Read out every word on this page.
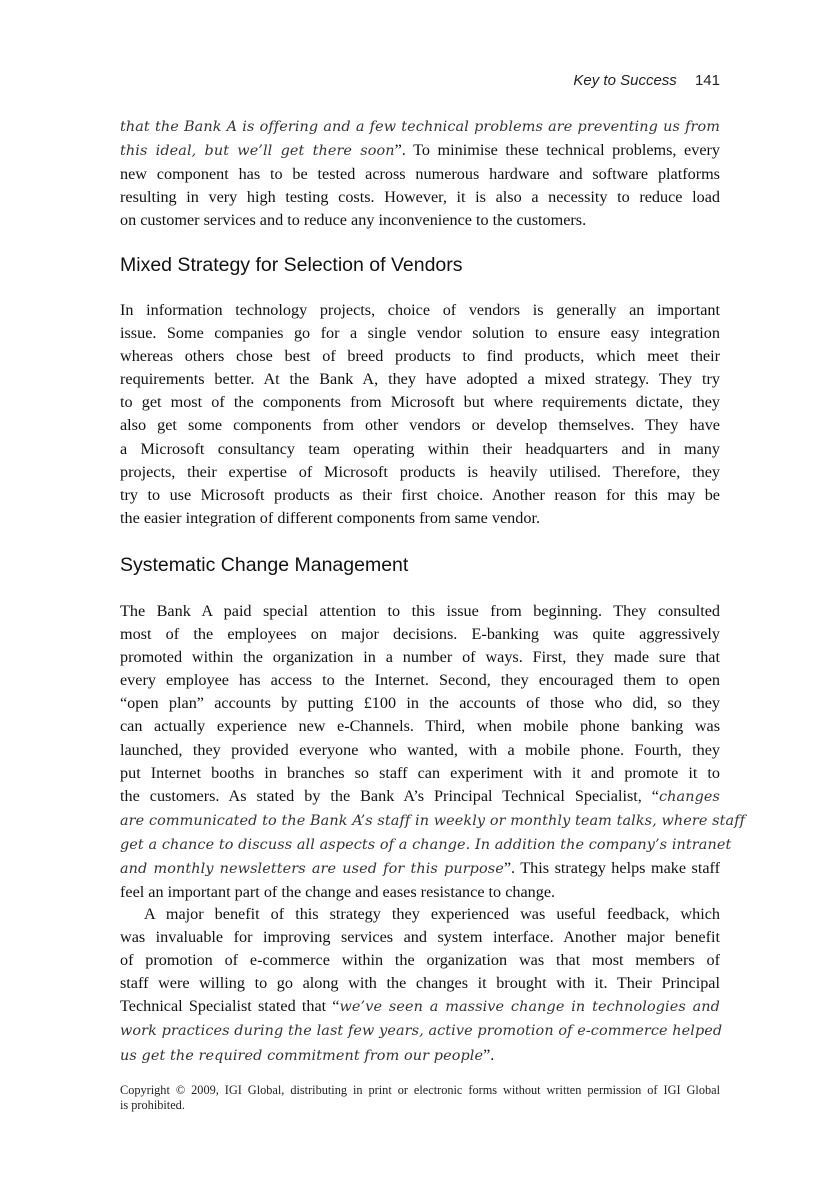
Key to Success 141
that the Bank A is offering and a few technical problems are preventing us from
this ideal, but we’ll get there soon”. To minimise these technical problems, every
new component has to be tested across numerous hardware and software platforms
resulting in very high testing costs. However, it is also a necessity to reduce load
on customer services and to reduce any inconvenience to the customers.
Mixed Strategy for Selection of Vendors
In information technology projects, choice of vendors is generally an important
issue. Some companies go for a single vendor solution to ensure easy integration
whereas others chose best of breed products to find products, which meet their
requirements better. At the Bank A, they have adopted a mixed strategy. They try
to get most of the components from Microsoft but where requirements dictate, they
also get some components from other vendors or develop themselves. They have
a Microsoft consultancy team operating within their headquarters and in many
projects, their expertise of Microsoft products is heavily utilised. Therefore, they
try to use Microsoft products as their first choice. Another reason for this may be
the easier integration of different components from same vendor.
Systematic Change Management
The Bank A paid special attention to this issue from beginning. They consulted
most of the employees on major decisions. E-banking was quite aggressively
promoted within the organization in a number of ways. First, they made sure that
every employee has access to the Internet. Second, they encouraged them to open
“open plan” accounts by putting £100 in the accounts of those who did, so they
can actually experience new e-Channels. Third, when mobile phone banking was
launched, they provided everyone who wanted, with a mobile phone. Fourth, they
put Internet booths in branches so staff can experiment with it and promote it to
the customers. As stated by the Bank A’s Principal Technical Specialist, “changes
are communicated to the Bank A’s staff in weekly or monthly team talks, where staff
get a chance to discuss all aspects of a change. In addition the company’s intranet
and monthly newsletters are used for this purpose”. This strategy helps make staff
feel an important part of the change and eases resistance to change.
A major benefit of this strategy they experienced was useful feedback, which
was invaluable for improving services and system interface. Another major benefit
of promotion of e-commerce within the organization was that most members of
staff were willing to go along with the changes it brought with it. Their Principal
Technical Specialist stated that “we’ve seen a massive change in technologies and
work practices during the last few years, active promotion of e-commerce helped
us get the required commitment from our people”.
Copyright © 2009, IGI Global, distributing in print or electronic forms without written permission of IGI Global
is prohibited.
